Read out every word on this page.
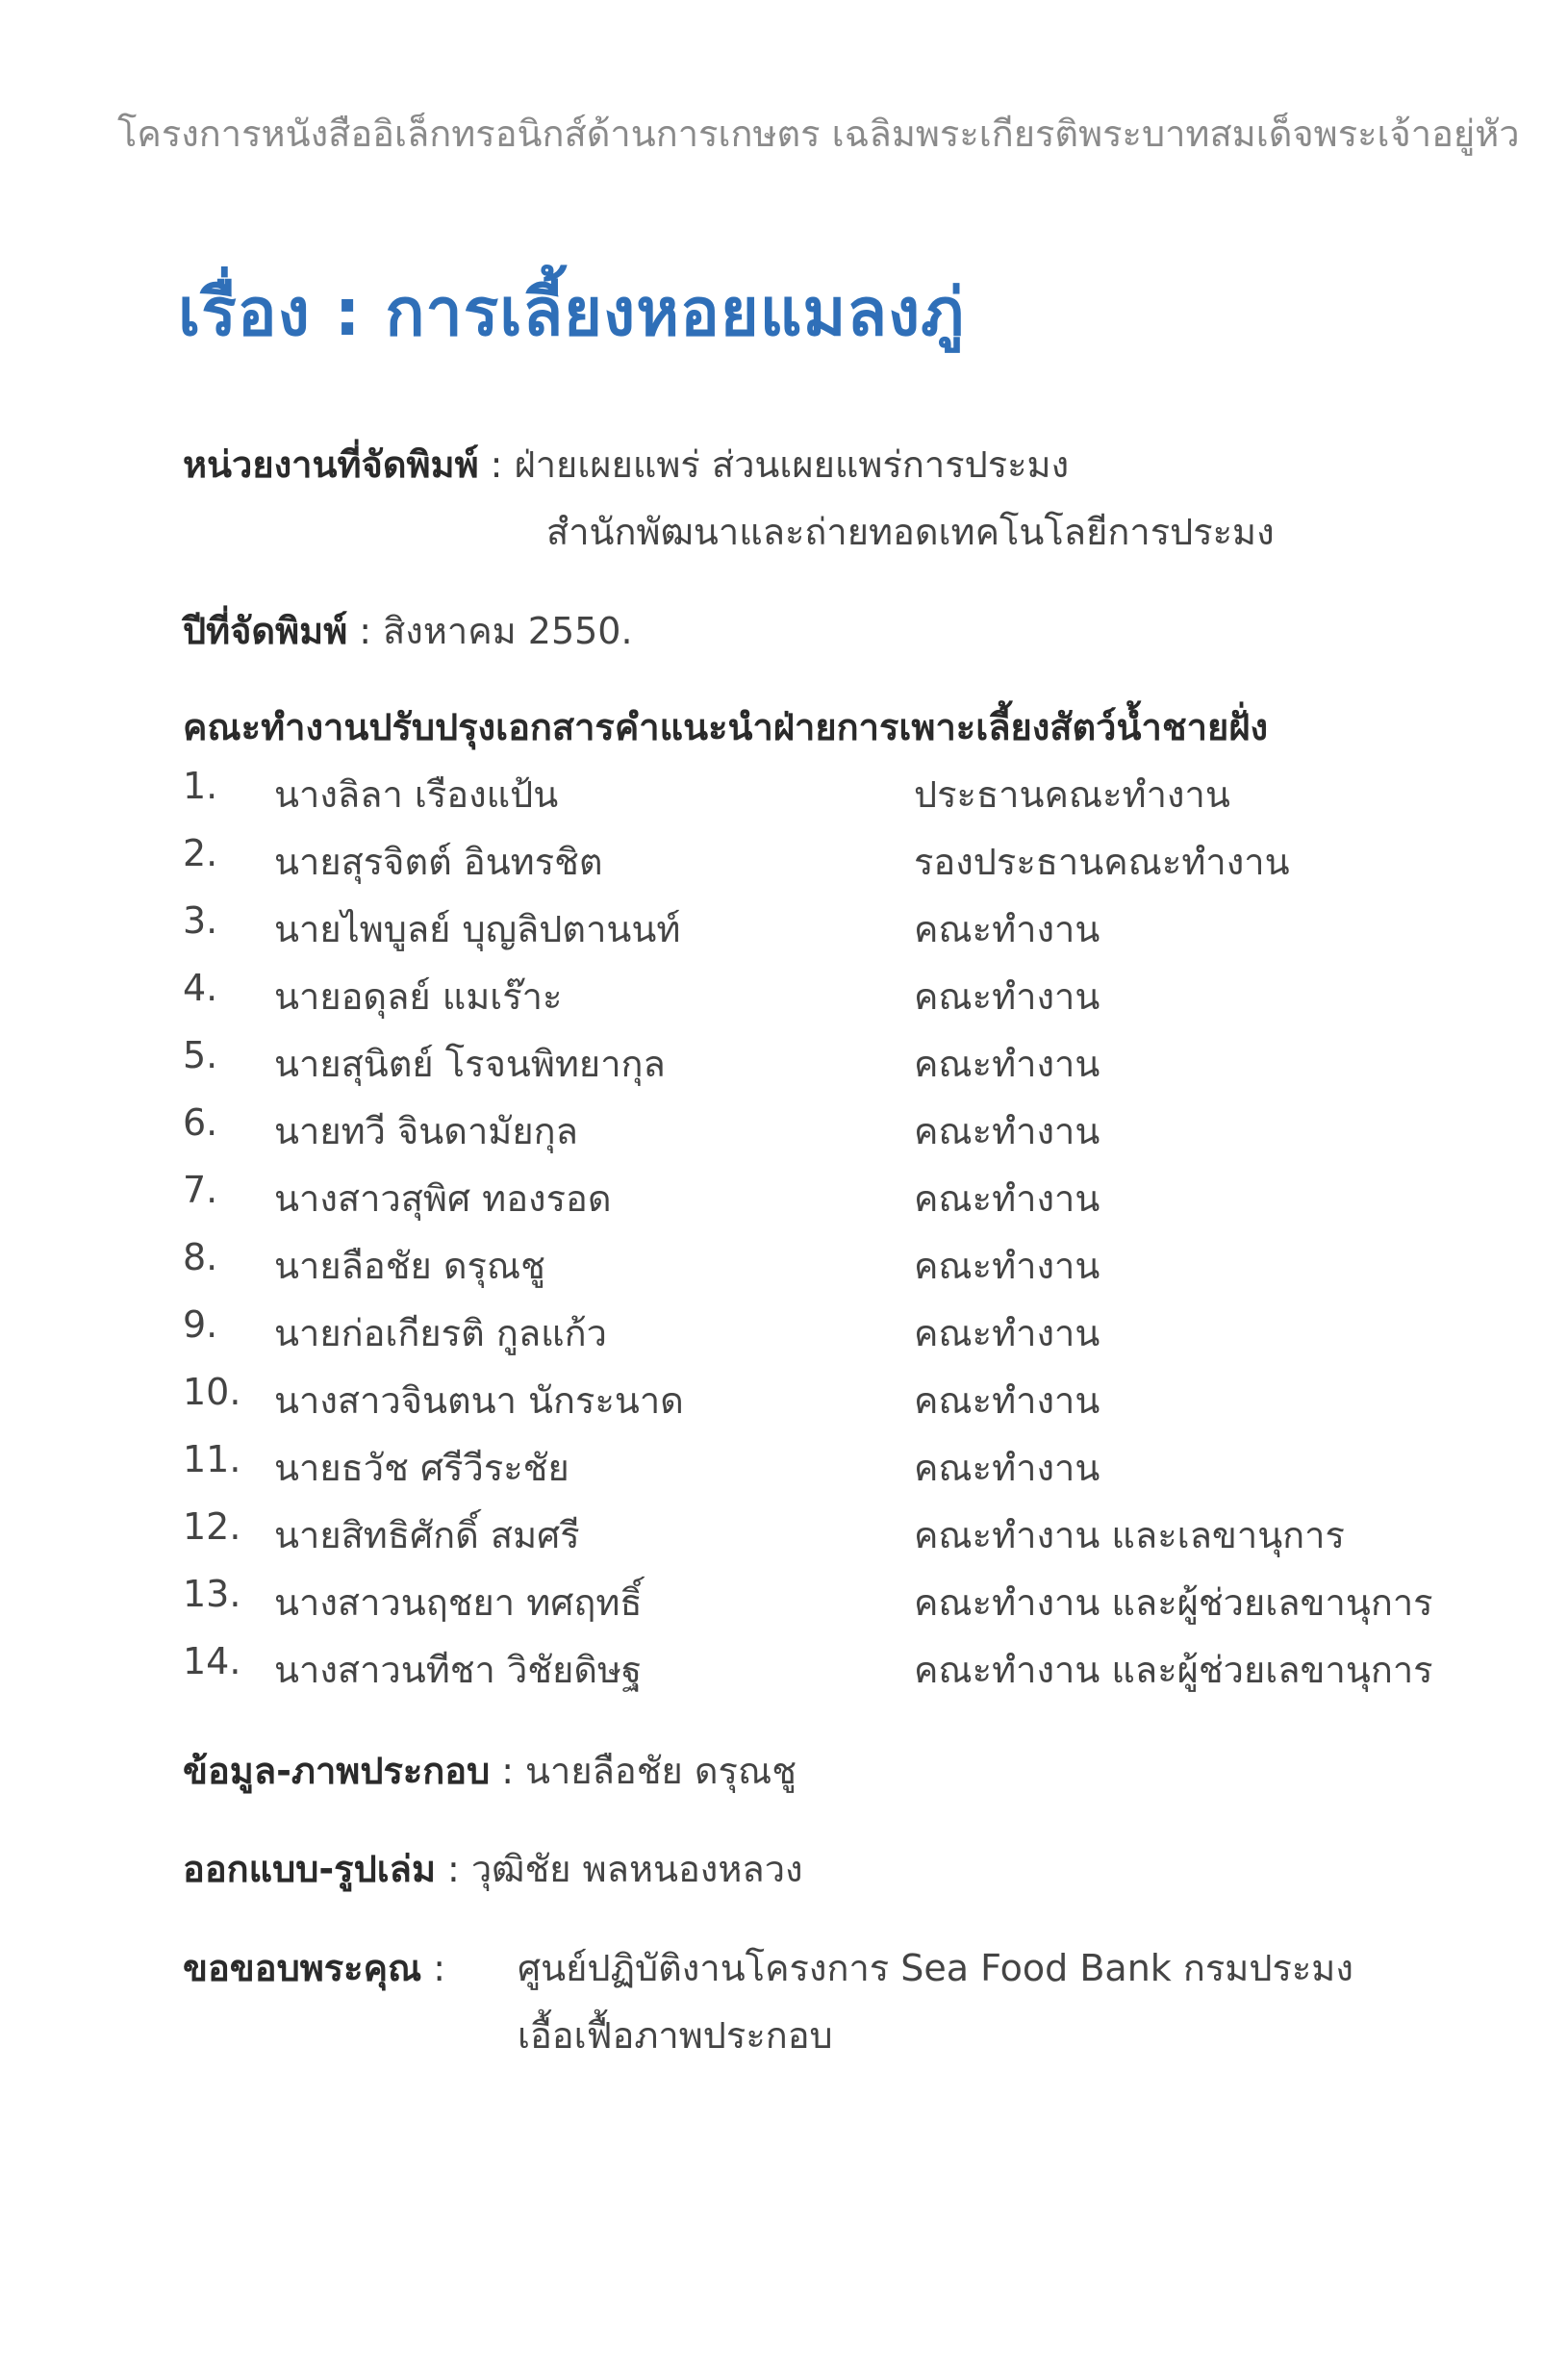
โครงการหนังสืออิเล็กทรอนิกส์ด้านการเกษตร เฉลิมพระเกียรติพระบาทสมเด็จพระเจ้าอยู่หัว
เรื่อง : การเลี้ยงหอยแมลงภู่
หน่วยงานที่จัดพิมพ์ : ฝ่ายเผยแพร่ ส่วนเผยแพร่การประมง
สำนักพัฒนาและถ่ายทอดเทคโนโลยีการประมง
ปีที่จัดพิมพ์ : สิงหาคม 2550.
คณะทำงานปรับปรุงเอกสารคำแนะนำฝ่ายการเพาะเลี้ยงสัตว์น้ำชายฝั่ง
1. นางลิลา เรืองแป้น	ประธานคณะทำงาน
2. นายสุรจิตต์ อินทรชิต	รองประธานคณะทำงาน
3. นายไพบูลย์ บุญลิปตานนท์	คณะทำงาน
4. นายอดุลย์ แมเร๊าะ	คณะทำงาน
5. นายสุนิตย์ โรจนพิทยากุล	คณะทำงาน
6. นายทวี จินดามัยกุล	คณะทำงาน
7. นางสาวสุพิศ ทองรอด	คณะทำงาน
8. นายลือชัย ดรุณชู	คณะทำงาน
9. นายก่อเกียรติ กูลแก้ว	คณะทำงาน
10. นางสาวจินตนา นักระนาด	คณะทำงาน
11. นายธวัช ศรีวีระชัย	คณะทำงาน
12. นายสิทธิศักดิ์ สมศรี	คณะทำงาน และเลขานุการ
13. นางสาวนฤชยา ทศฤทธิ์	คณะทำงาน และผู้ช่วยเลขานุการ
14. นางสาวนทีชา วิชัยดิษฐ	คณะทำงาน และผู้ช่วยเลขานุการ
ข้อมูล-ภาพประกอบ : นายลือชัย ดรุณชู
ออกแบบ-รูปเล่ม : วุฒิชัย พลหนองหลวง
ขอขอบพระคุณ :	ศูนย์ปฏิบัติงานโครงการ Sea Food Bank กรมประมง
เอื้อเฟื้อภาพประกอบ
